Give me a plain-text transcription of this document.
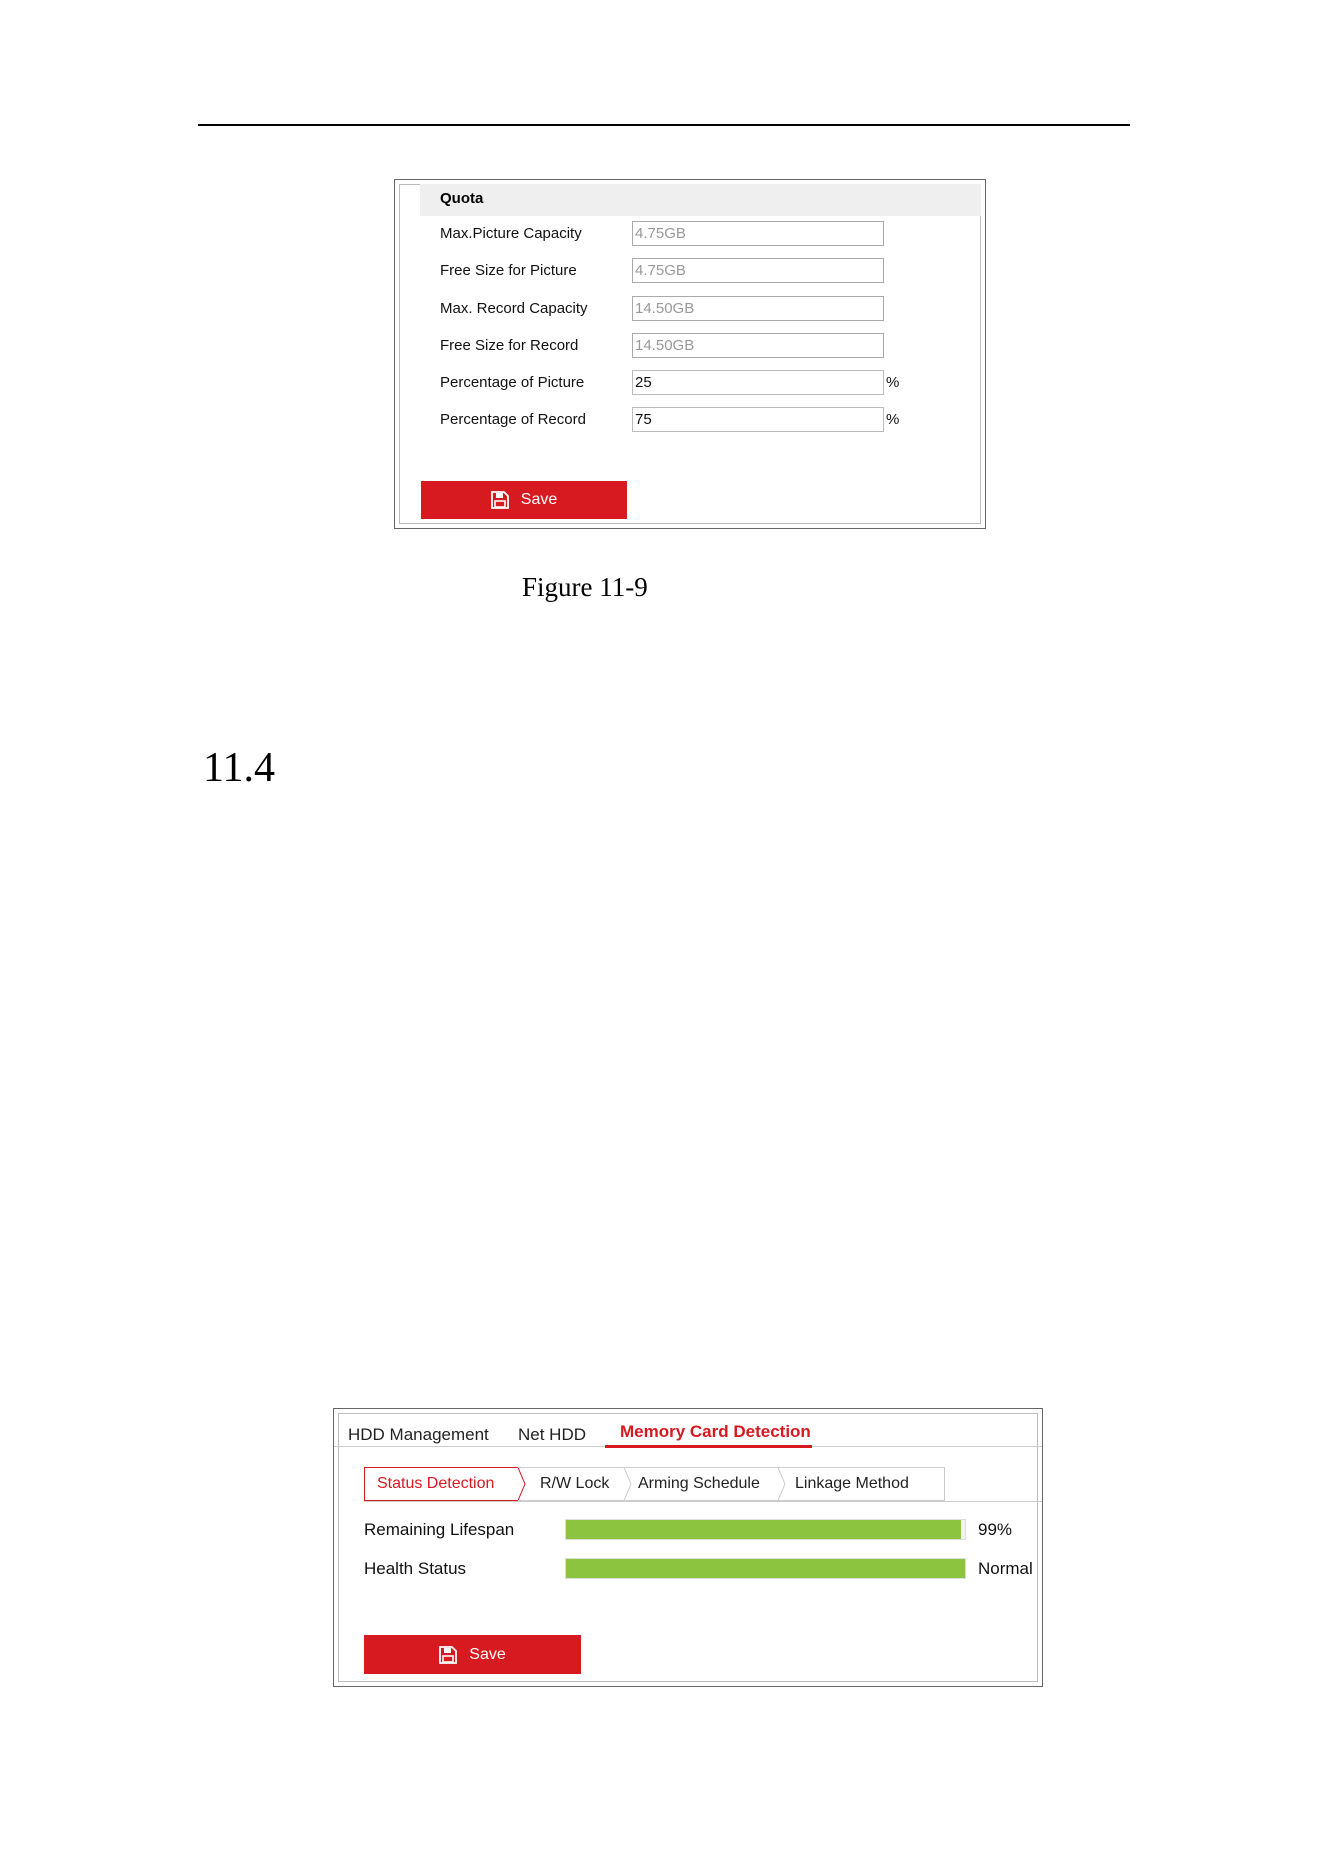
Quota
Max.Picture Capacity	4.75GB
Free Size for Picture	4.75GB
Max. Record Capacity	14.50GB
Free Size for Record	14.50GB
Percentage of Picture	25	%
Percentage of Record	75	%
Save
Figure 11-9
11.4
HDD Management Net HDD Memory Card Detection
Status Detection	R/W Lock Arming Schedule Linkage Method
Remaining Lifespan	99%
Health Status	Normal
Save
